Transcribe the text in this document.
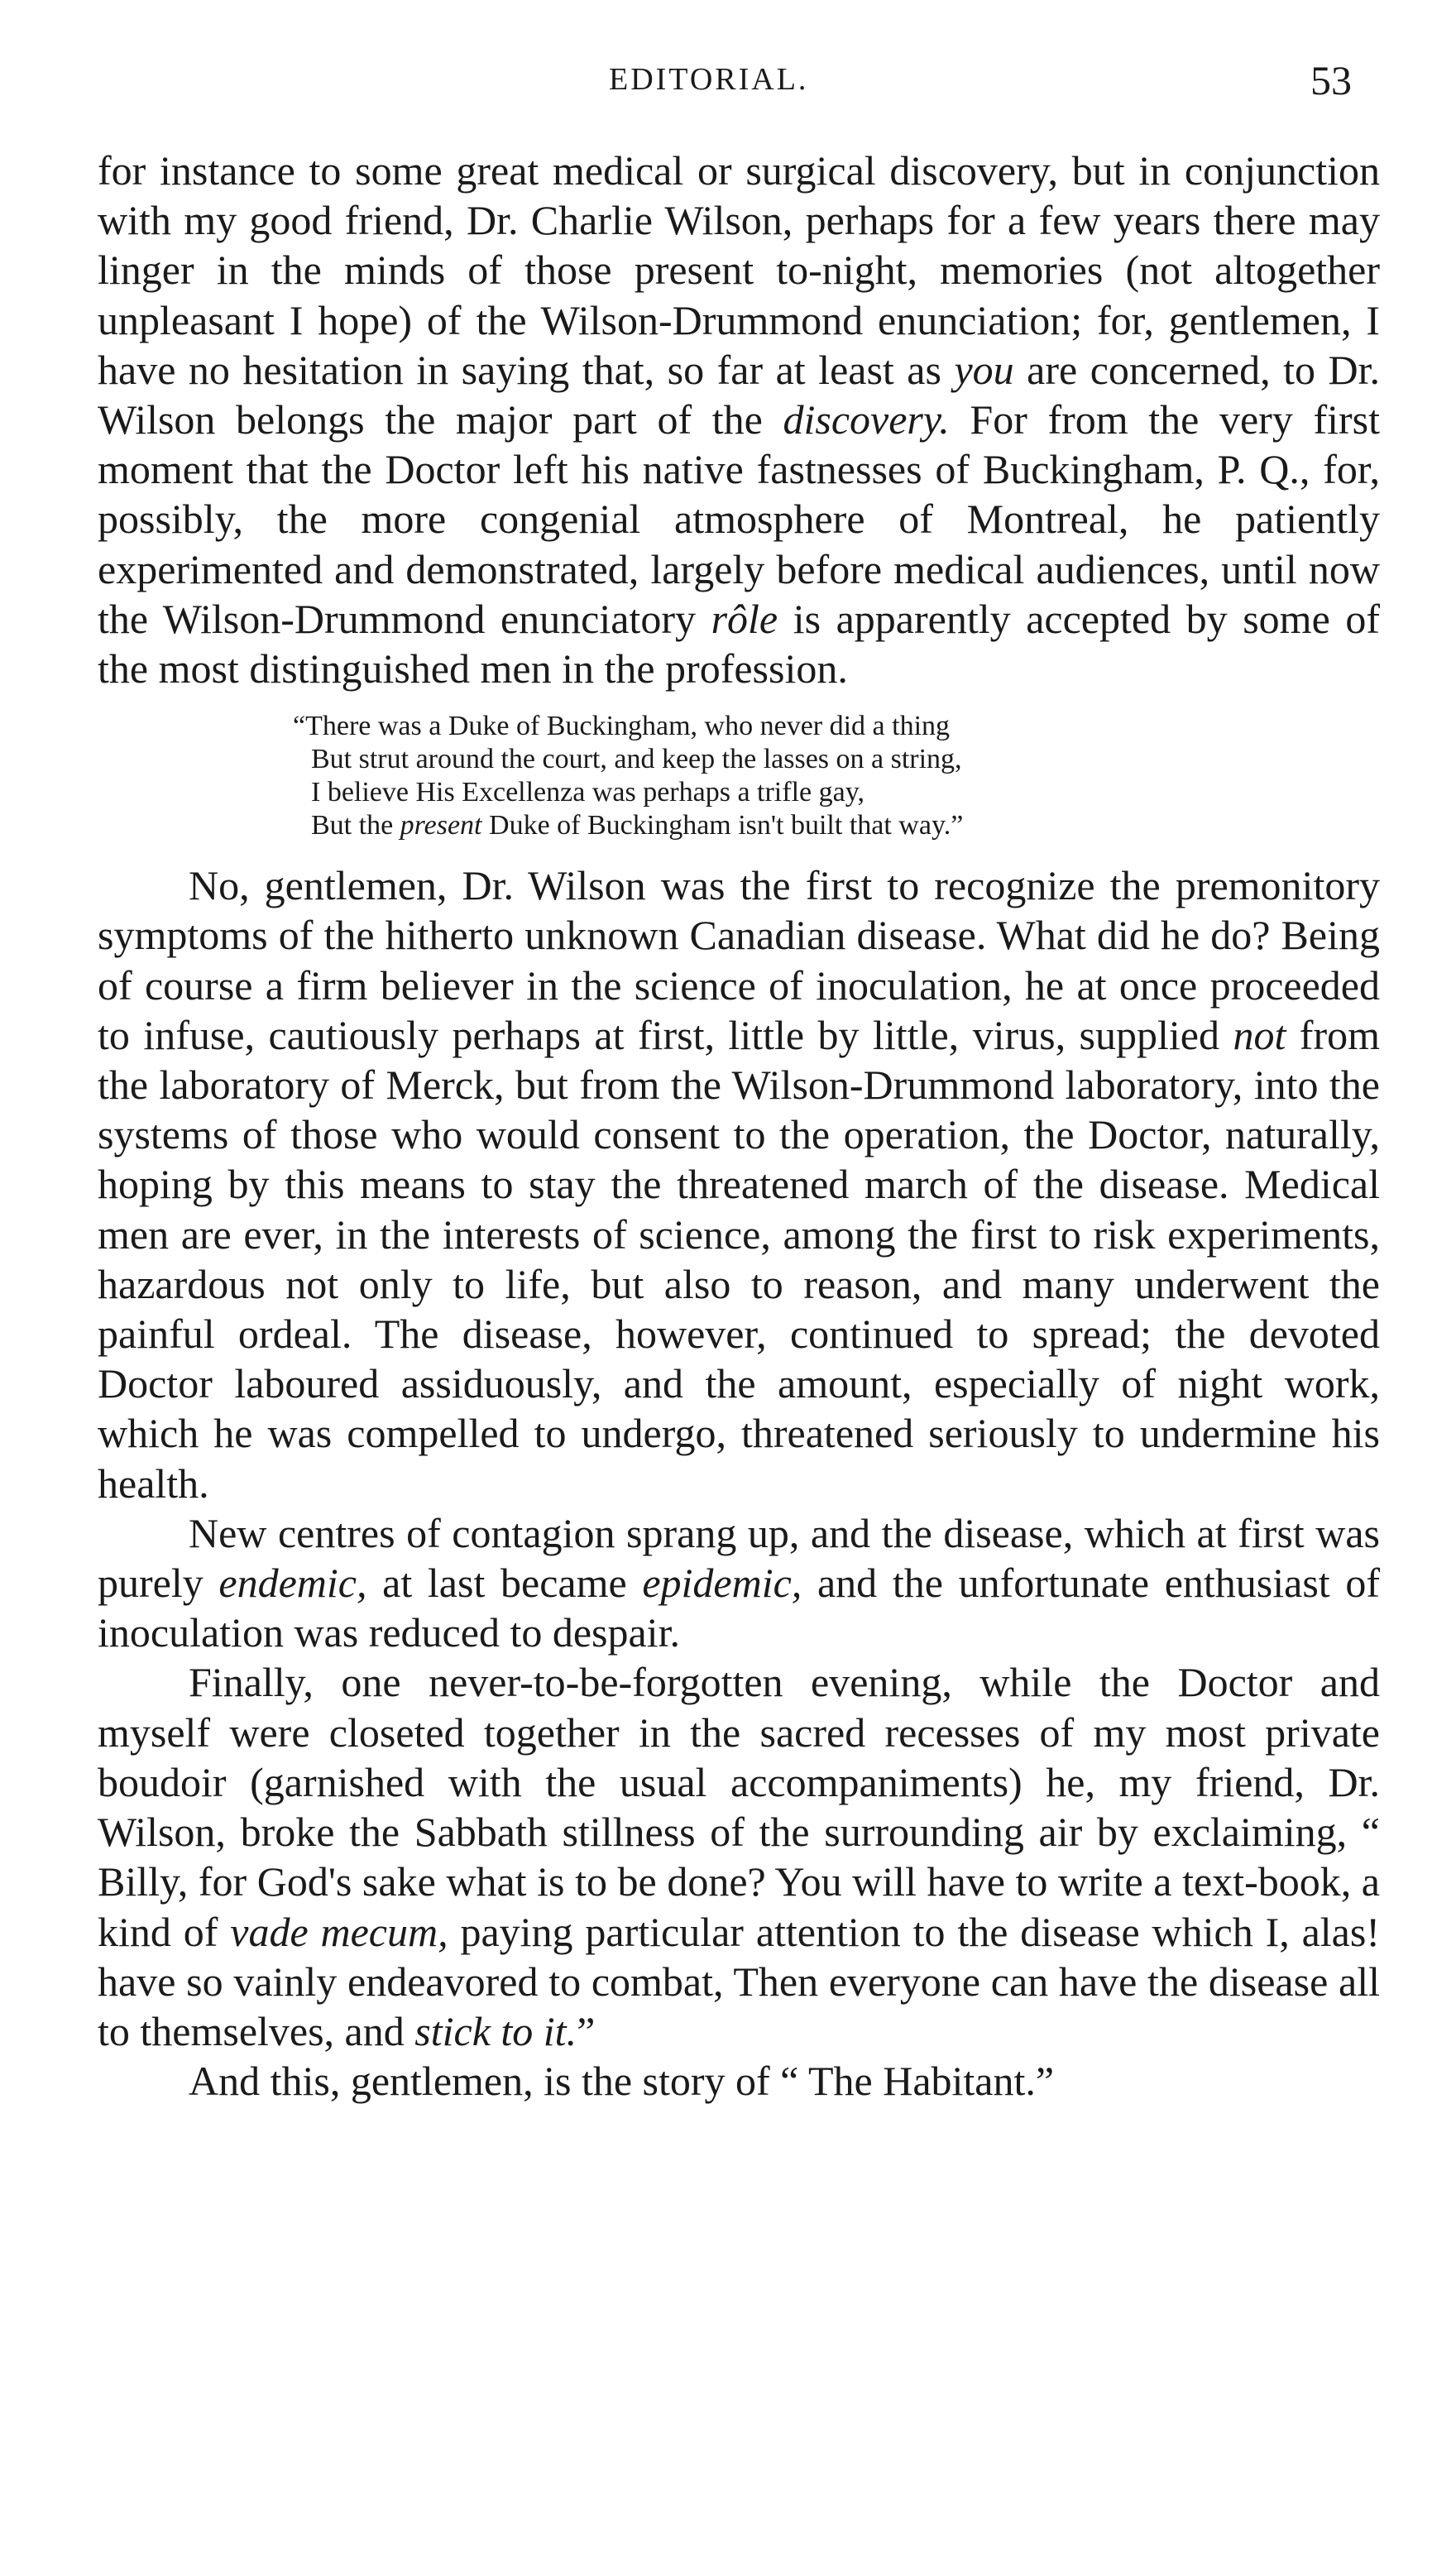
EDITORIAL.	53

for instance to some great medical or surgical discovery, but in conjunction with my good friend, Dr. Charlie Wilson, perhaps for a few years there may linger in the minds of those present to-night, memories (not altogether unpleasant I hope) of the Wilson-Drummond enunciation; for, gentlemen, I have no hesitation in saying that, so far at least as you are concerned, to Dr. Wilson belongs the major part of the discovery. For from the very first moment that the Doctor left his native fastnesses of Buckingham, P. Q., for, possibly, the more congenial atmosphere of Montreal, he patiently experimented and demonstrated, largely before medical audiences, until now the Wilson-Drummond enunciatory rôle is apparently accepted by some of the most distinguished men in the profession.

“There was a Duke of Buckingham, who never did a thing
But strut around the court, and keep the lasses on a string,
I believe His Excellenza was perhaps a trifle gay,
But the present Duke of Buckingham isn't built that way.”

No, gentlemen, Dr. Wilson was the first to recognize the premonitory symptoms of the hitherto unknown Canadian disease. What did he do? Being of course a firm believer in the science of inoculation, he at once proceeded to infuse, cautiously perhaps at first, little by little, virus, supplied not from the laboratory of Merck, but from the Wilson-Drummond laboratory, into the systems of those who would consent to the operation, the Doctor, naturally, hoping by this means to stay the threatened march of the disease. Medical men are ever, in the interests of science, among the first to risk experiments, hazardous not only to life, but also to reason, and many underwent the painful ordeal. The disease, however, continued to spread; the devoted Doctor laboured assiduously, and the amount, especially of night work, which he was compelled to undergo, threatened seriously to undermine his health.

New centres of contagion sprang up, and the disease, which at first was purely endemic, at last became epidemic, and the unfortunate enthusiast of inoculation was reduced to despair.

Finally, one never-to-be-forgotten evening, while the Doctor and myself were closeted together in the sacred recesses of my most private boudoir (garnished with the usual accompaniments) he, my friend, Dr. Wilson, broke the Sabbath stillness of the surrounding air by exclaiming, “ Billy, for God's sake what is to be done? You will have to write a text-book, a kind of vade mecum, paying particular attention to the disease which I, alas! have so vainly endeavored to combat, Then everyone can have the disease all to themselves, and stick to it.”

And this, gentlemen, is the story of “ The Habitant.”
